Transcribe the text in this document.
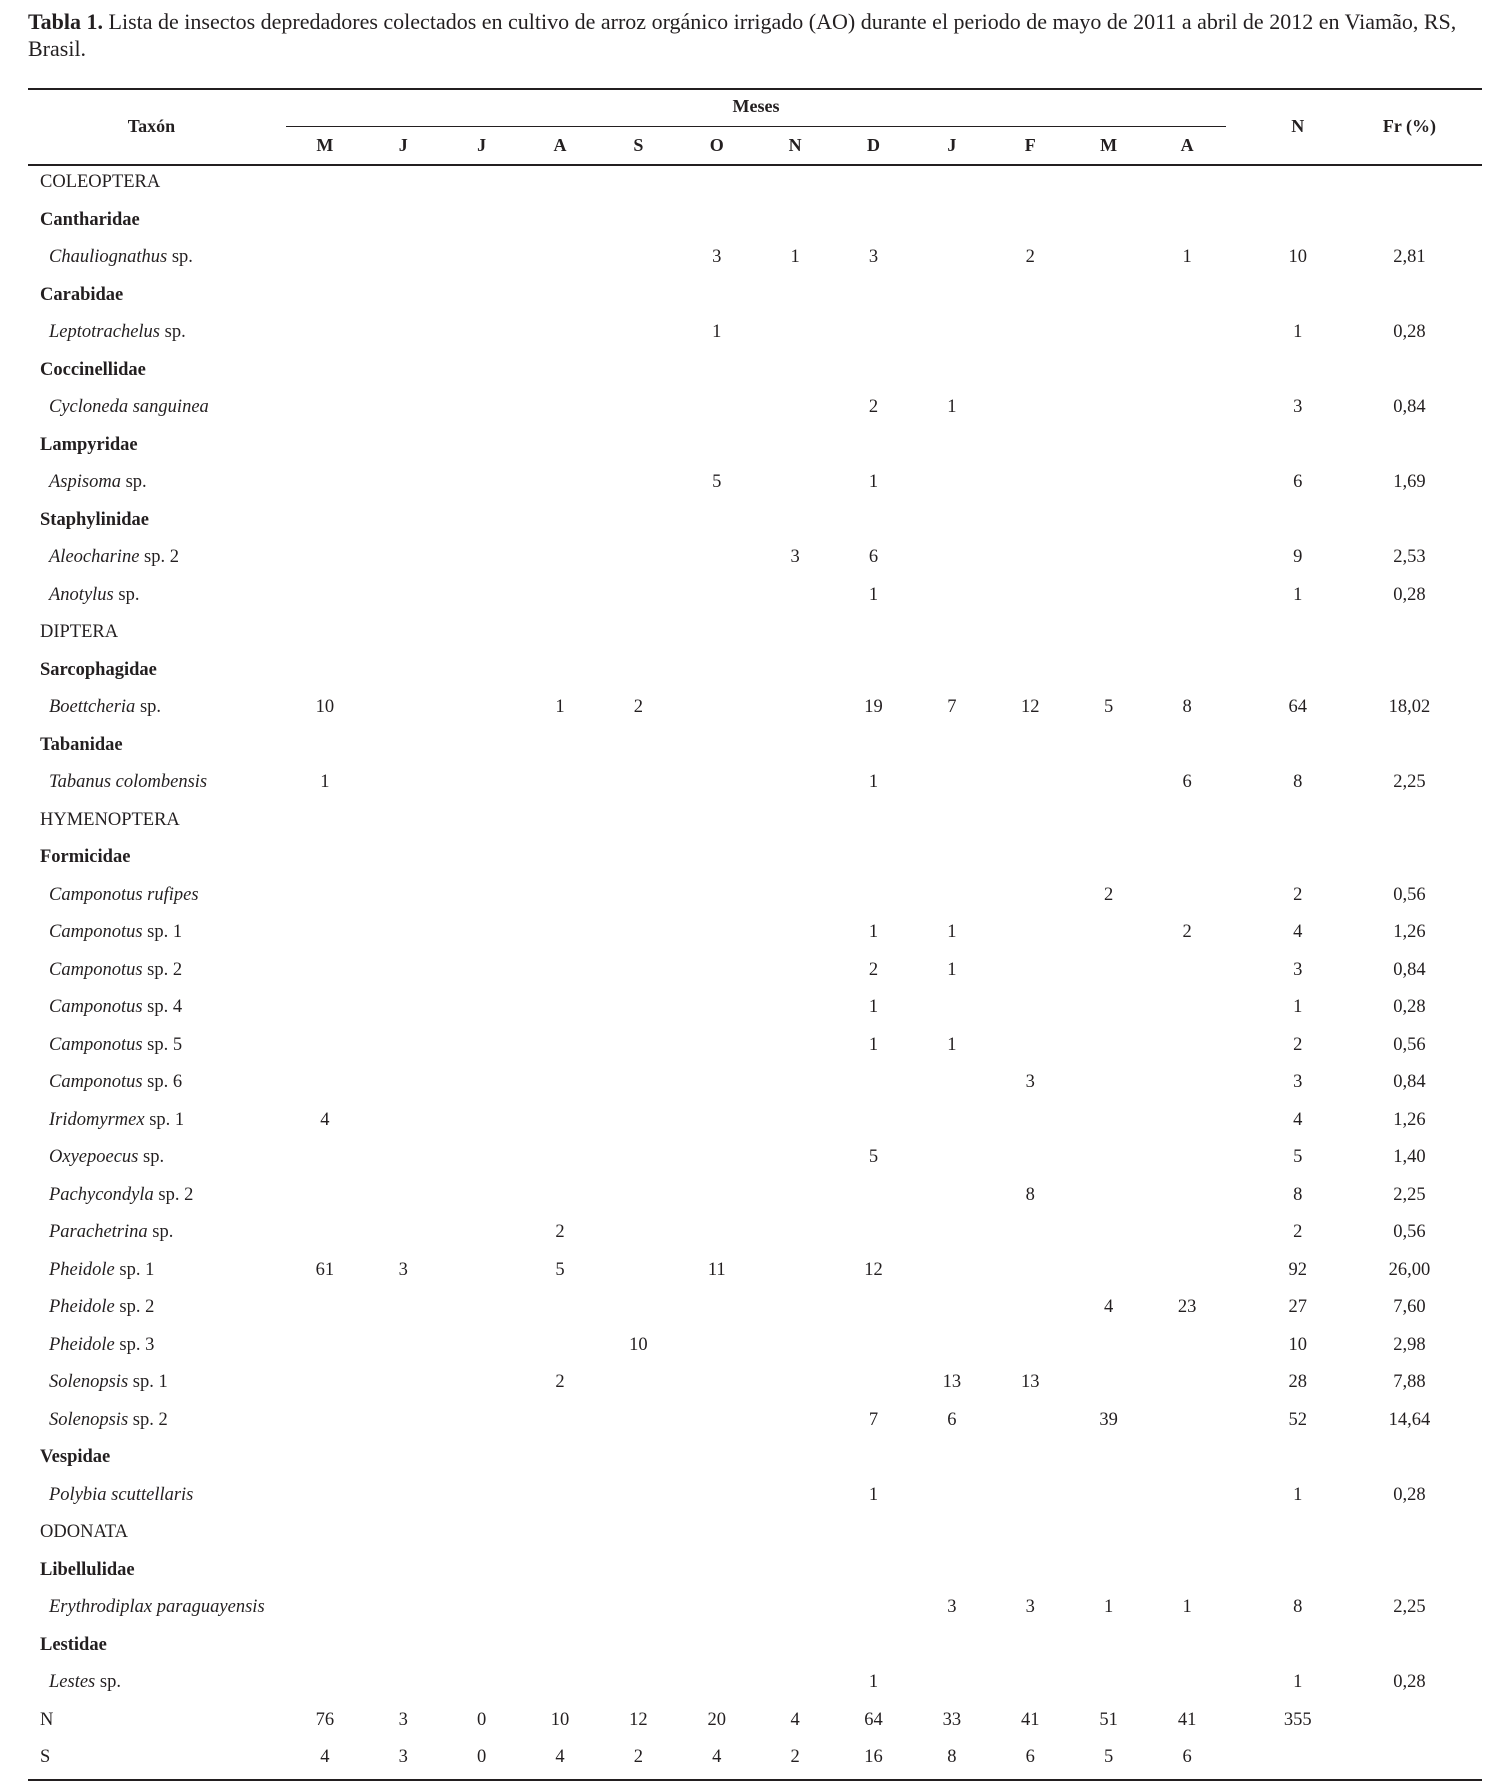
Tabla 1. Lista de insectos depredadores colectados en cultivo de arroz orgánico irrigado (AO) durante el periodo de mayo de 2011 a abril de 2012 en Viamão, RS, Brasil.
Taxón		Meses													N	Fr (%)
		M	J	J	A	S	O	N	D	J	F	M	A			
COLEOPTERA																
Cantharidae																
Chauliognathus sp.							3	1	3		2		1		10	2,81
Carabidae																
Leptotrachelus sp.							1								1	0,28
Coccinellidae																
Cycloneda sanguinea									2	1					3	0,84
Lampyridae																
Aspisoma sp.							5		1						6	1,69
Staphylinidae																
Aleocharine sp. 2								3	6						9	2,53
Anotylus sp.									1						1	0,28
DIPTERA																
Sarcophagidae																
Boettcheria sp.		10			1	2			19	7	12	5	8		64	18,02
Tabanidae																
Tabanus colombensis		1							1				6		8	2,25
HYMENOPTERA																
Formicidae																
Camponotus rufipes												2			2	0,56
Camponotus sp. 1									1	1			2		4	1,26
Camponotus sp. 2									2	1					3	0,84
Camponotus sp. 4									1						1	0,28
Camponotus sp. 5									1	1					2	0,56
Camponotus sp. 6											3				3	0,84
Iridomyrmex sp. 1		4													4	1,26
Oxyepoecus sp.									5						5	1,40
Pachycondyla sp. 2											8				8	2,25
Parachetrina sp.					2										2	0,56
Pheidole sp. 1		61	3		5		11		12						92	26,00
Pheidole sp. 2												4	23		27	7,60
Pheidole sp. 3						10									10	2,98
Solenopsis sp. 1					2					13	13				28	7,88
Solenopsis sp. 2									7	6		39			52	14,64
Vespidae																
Polybia scuttellaris									1						1	0,28
ODONATA																
Libellulidae																
Erythrodiplax paraguayensis										3	3	1	1		8	2,25
Lestidae																
Lestes sp.									1						1	0,28
N		76	3	0	10	12	20	4	64	33	41	51	41		355	
S		4	3	0	4	2	4	2	16	8	6	5	6			
